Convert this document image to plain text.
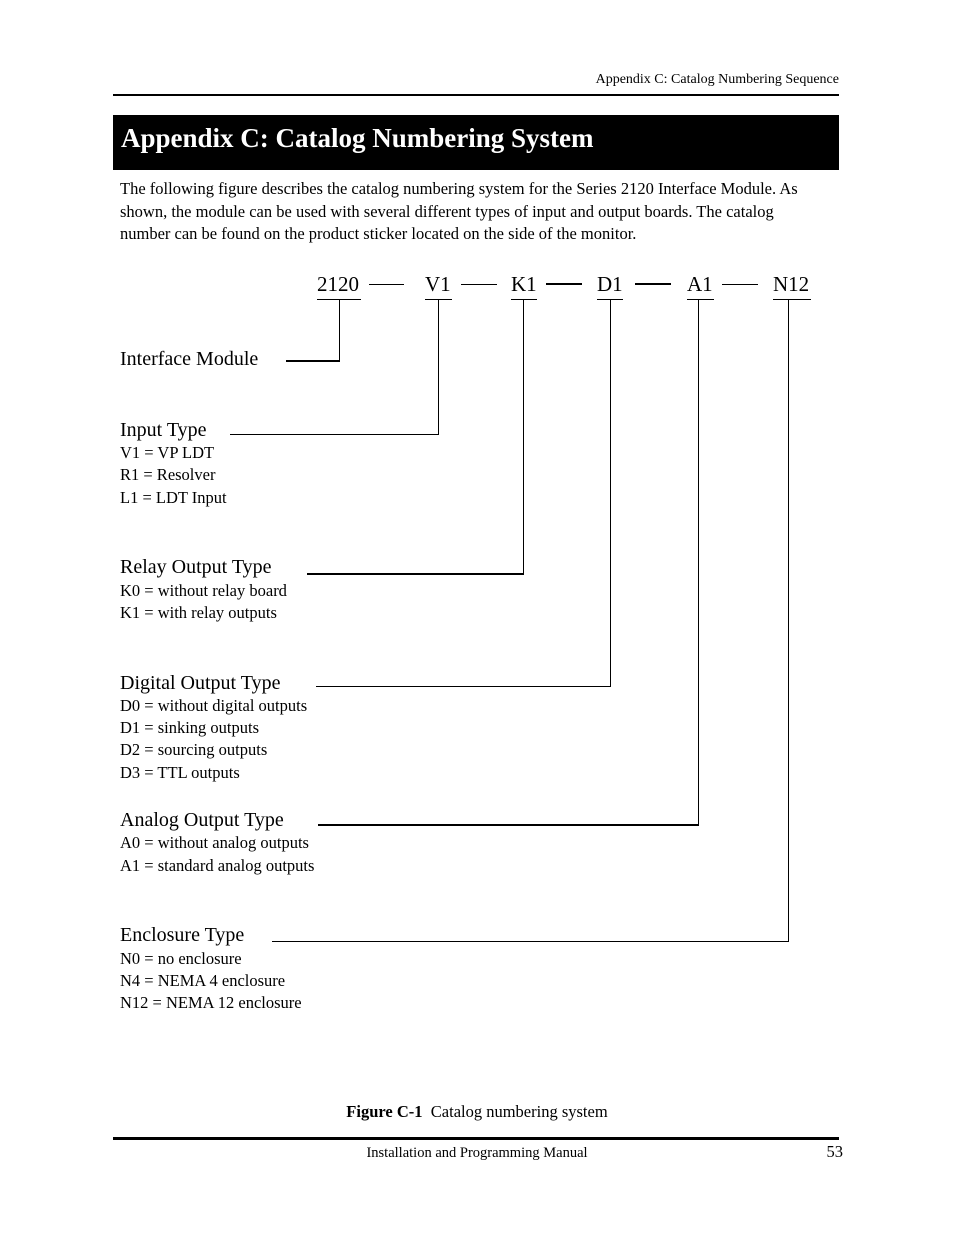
Appendix C: Catalog Numbering Sequence
Appendix C: Catalog Numbering System
The following figure describes the catalog numbering system for the Series 2120 Interface Module. As shown, the module can be used with several different types of input and output boards. The catalog number can be found on the product sticker located on the side of the monitor.
2120	V1	K1	D1	A1	N12
Interface Module
Input Type
V1 = VP LDT
R1 = Resolver
L1 = LDT Input
Relay Output Type
K0 = without relay board
K1 = with relay outputs
Digital Output Type
D0 = without digital outputs
D1 = sinking outputs
D2 = sourcing outputs
D3 = TTL outputs
Analog Output Type
A0 = without analog outputs
A1 = standard analog outputs
Enclosure Type
N0 = no enclosure
N4 = NEMA 4 enclosure
N12 = NEMA 12 enclosure
Figure C-1 Catalog numbering system
Installation and Programming Manual	53
